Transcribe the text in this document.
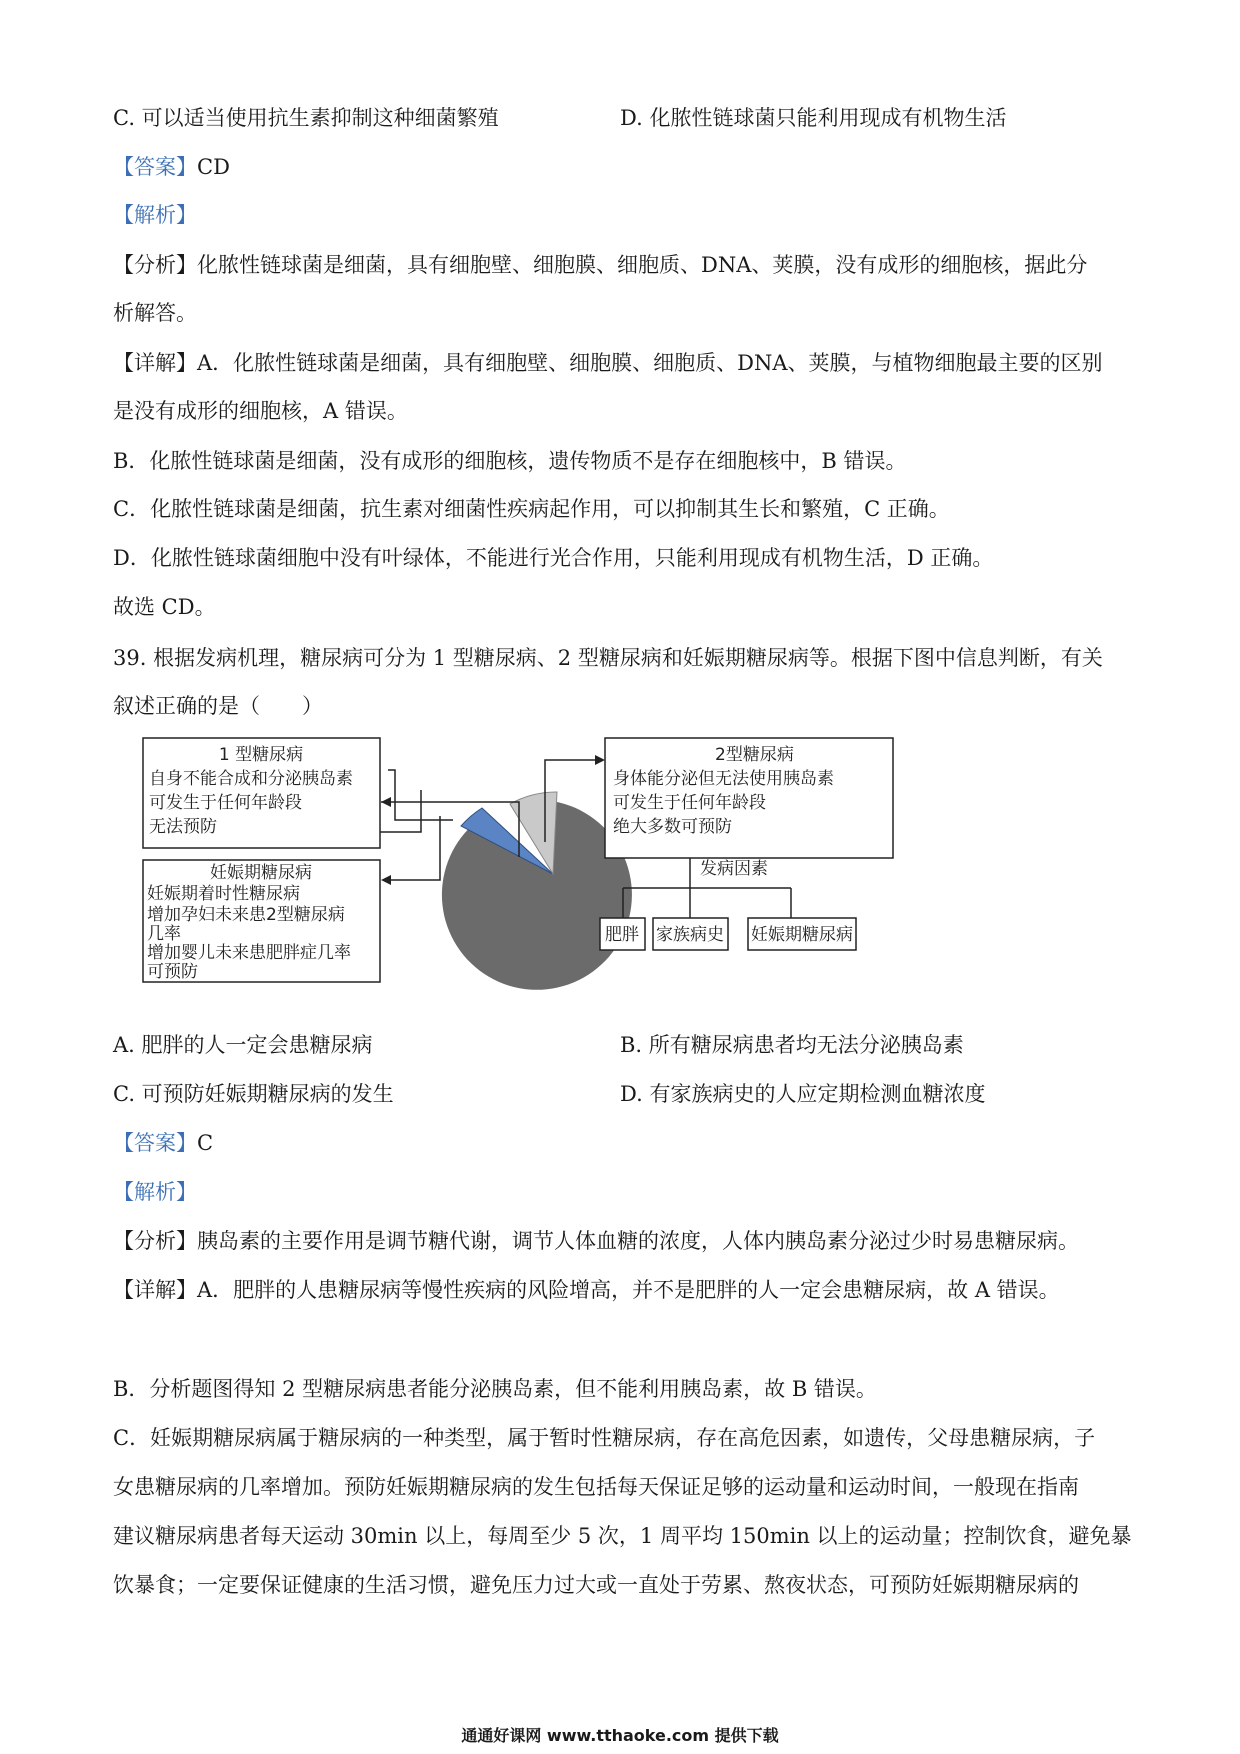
C. 可以适当使用抗生素抑制这种细菌繁殖	D. 化脓性链球菌只能利用现成有机物生活
【答案】CD
【解析】
【分析】化脓性链球菌是细菌，具有细胞壁、细胞膜、细胞质、DNA、荚膜，没有成形的细胞核，据此分
析解答。
【详解】A．化脓性链球菌是细菌，具有细胞壁、细胞膜、细胞质、DNA、荚膜，与植物细胞最主要的区别
是没有成形的细胞核，A 错误。
B．化脓性链球菌是细菌，没有成形的细胞核，遗传物质不是存在细胞核中，B 错误。
C．化脓性链球菌是细菌，抗生素对细菌性疾病起作用，可以抑制其生长和繁殖，C 正确。
D．化脓性链球菌细胞中没有叶绿体，不能进行光合作用，只能利用现成有机物生活，D 正确。
故选 CD。
39. 根据发病机理，糖尿病可分为 1 型糖尿病、2 型糖尿病和妊娠期糖尿病等。根据下图中信息判断，有关
叙述正确的是（　　）
1 型糖尿病
自身不能合成和分泌胰岛素
可发生于任何年龄段
无法预防
妊娠期糖尿病
妊娠期着时性糖尿病
增加孕妇未来患2型糖尿病
几率
增加婴儿未来患肥胖症几率
可预防
2型糖尿病
身体能分泌但无法使用胰岛素
可发生于任何年龄段
绝大多数可预防
发病因素
肥胖 家族病史 妊娠期糖尿病
A. 肥胖的人一定会患糖尿病	B. 所有糖尿病患者均无法分泌胰岛素
C. 可预防妊娠期糖尿病的发生	D. 有家族病史的人应定期检测血糖浓度
【答案】C
【解析】
【分析】胰岛素的主要作用是调节糖代谢，调节人体血糖的浓度，人体内胰岛素分泌过少时易患糖尿病。
【详解】A．肥胖的人患糖尿病等慢性疾病的风险增高，并不是肥胖的人一定会患糖尿病，故 A 错误。
B．分析题图得知 2 型糖尿病患者能分泌胰岛素，但不能利用胰岛素，故 B 错误。
C．妊娠期糖尿病属于糖尿病的一种类型，属于暂时性糖尿病，存在高危因素，如遗传，父母患糖尿病，子
女患糖尿病的几率增加。预防妊娠期糖尿病的发生包括每天保证足够的运动量和运动时间，一般现在指南
建议糖尿病患者每天运动 30min 以上，每周至少 5 次，1 周平均 150min 以上的运动量；控制饮食，避免暴
饮暴食；一定要保证健康的生活习惯，避免压力过大或一直处于劳累、熬夜状态，可预防妊娠期糖尿病的
通通好课网 www.tthaoke.com 提供下载
